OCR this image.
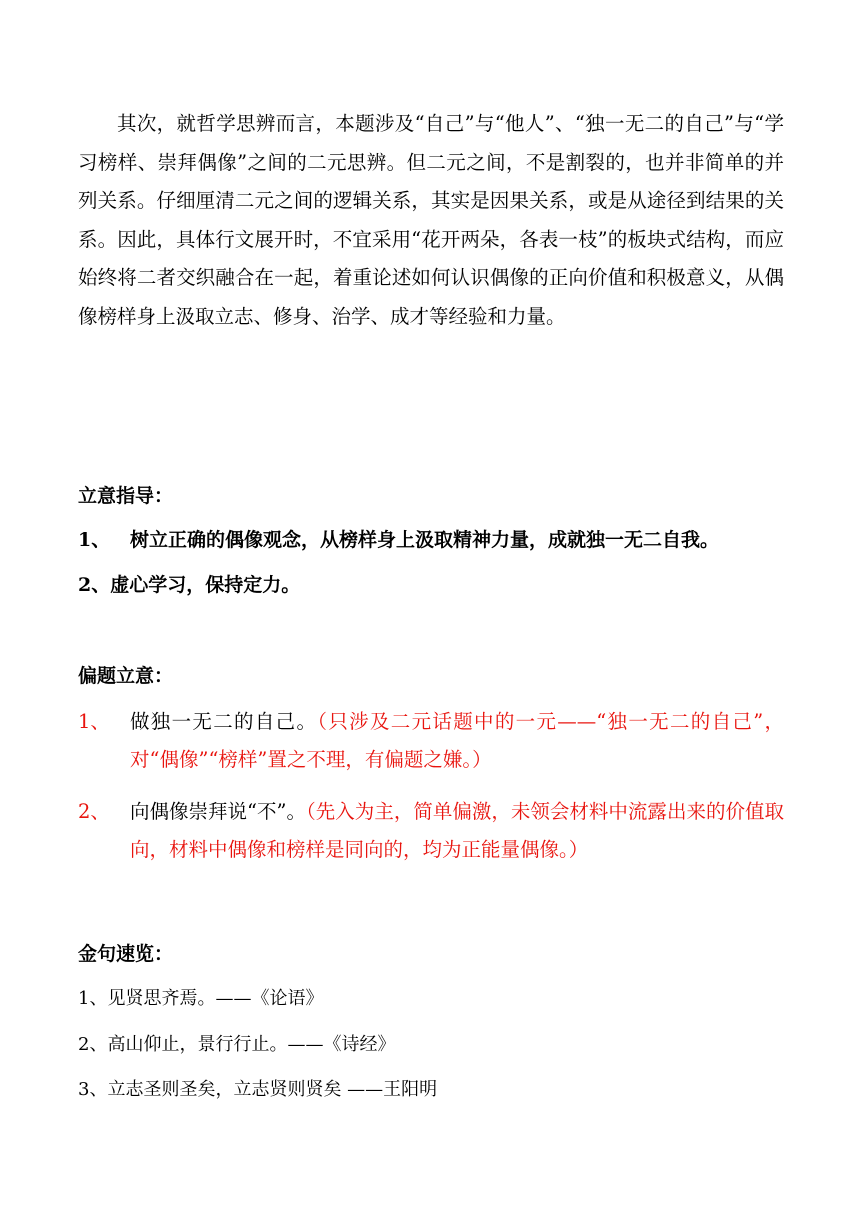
其次，就哲学思辨而言，本题涉及“自己”与“他人”、“独一无二的自己”与“学习榜样、崇拜偶像”之间的二元思辨。但二元之间，不是割裂的，也并非简单的并列关系。仔细厘清二元之间的逻辑关系，其实是因果关系，或是从途径到结果的关系。因此，具体行文展开时，不宜采用“花开两朵，各表一枝”的板块式结构，而应始终将二者交织融合在一起，着重论述如何认识偶像的正向价值和积极意义，从偶像榜样身上汲取立志、修身、治学、成才等经验和力量。

立意指导：

1、 树立正确的偶像观念，从榜样身上汲取精神力量，成就独一无二自我。
2、虚心学习，保持定力。

偏题立意：

1、 做独一无二的自己。（只涉及二元话题中的一元——“独一无二的自己”，对“偶像”“榜样”置之不理，有偏题之嫌。）
2、 向偶像崇拜说“不”。（先入为主，简单偏激，未领会材料中流露出来的价值取向，材料中偶像和榜样是同向的，均为正能量偶像。）

金句速览：

1、见贤思齐焉。——《论语》

2、高山仰止，景行行止。——《诗经》

3、立志圣则圣矣，立志贤则贤矣 ——王阳明
